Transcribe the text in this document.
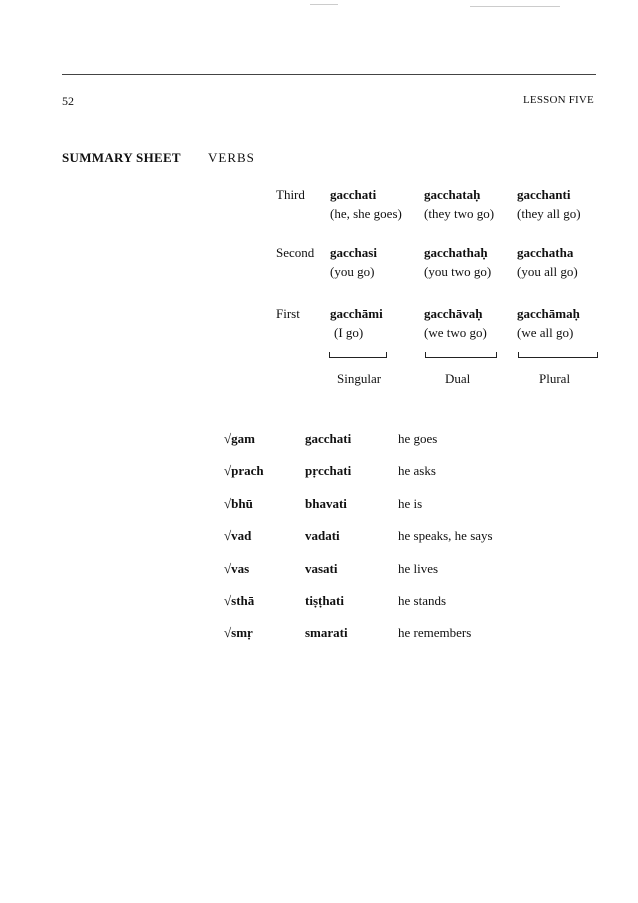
52	LESSON FIVE
SUMMARY SHEET VERBS
Third gacchati	gacchataḥ	gacchanti
(he, she goes) (they two go) (they all go)
Second gacchasi	gacchathaḥ gacchatha
(you go)	(you two go) (you all go)
First gacchāmi	gacchāvaḥ	gacchāmaḥ
(I go)	(we two go) (we all go)
Singular	Dual	Plural
√gam	gacchati	he goes
√prach	pṛcchati	he asks
√bhū	bhavati	he is
√vad	vadati	he speaks, he says
√vas	vasati	he lives
√sthā	tiṣṭhati	he stands
√smṛ	smarati	he remembers
